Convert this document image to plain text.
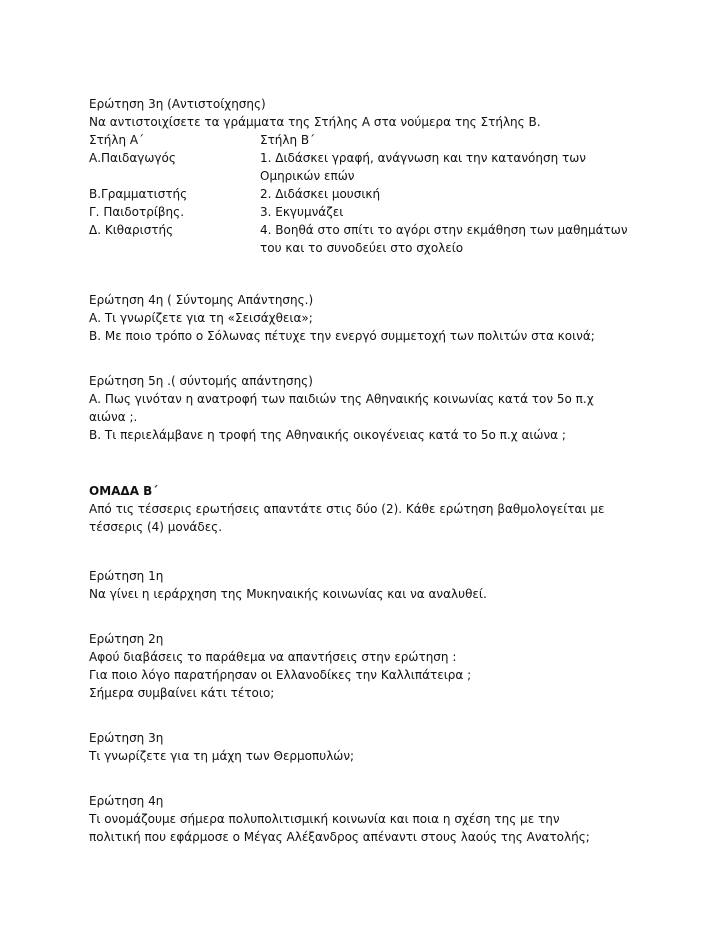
Ερώτηση 3η (Αντιστοίχησης)
Να αντιστοιχίσετε τα γράμματα της Στήλης Α στα νούμερα της Στήλης Β.
Στήλη Α΄	Στήλη Β΄
Α.Παιδαγωγός	1. Διδάσκει γραφή, ανάγνωση και την κατανόηση των
Ομηρικών επών
Β.Γραμματιστής	2. Διδάσκει μουσική
Γ. Παιδοτρίβης.	3. Εκγυμνάζει
Δ. Κιθαριστής	4. Βοηθά στο σπίτι το αγόρι στην εκμάθηση των μαθημάτων
του και το συνοδεύει στο σχολείο
Ερώτηση 4η ( Σύντομης Απάντησης.)
Α. Τι γνωρίζετε για τη «Σεισάχθεια»;
Β. Με ποιο τρόπο ο Σόλωνας πέτυχε την ενεργό συμμετοχή των πολιτών στα κοινά;
Ερώτηση 5η .( σύντομής απάντησης)
Α. Πως γινόταν η ανατροφή των παιδιών της Αθηναικής κοινωνίας κατά τον 5ο π.χ
αιώνα ;.
Β. Τι περιελάμβανε η τροφή της Αθηναικής οικογένειας κατά το 5ο π.χ αιώνα ;
ΟΜΑΔΑ Β΄
Από τις τέσσερις ερωτήσεις απαντάτε στις δύο (2). Κάθε ερώτηση βαθμολογείται με
τέσσερις (4) μονάδες.
Ερώτηση 1η
Να γίνει η ιεράρχηση της Μυκηναικής κοινωνίας και να αναλυθεί.
Ερώτηση 2η
Αφού διαβάσεις το παράθεμα να απαντήσεις στην ερώτηση :
Για ποιο λόγο παρατήρησαν οι Ελλανοδίκες την Καλλιπάτειρα ;
Σήμερα συμβαίνει κάτι τέτοιο;
Ερώτηση 3η
Τι γνωρίζετε για τη μάχη των Θερμοπυλών;
Ερώτηση 4η
Τι ονομάζουμε σήμερα πολυπολιτισμική κοινωνία και ποια η σχέση της με την
πολιτική που εφάρμοσε ο Μέγας Αλέξανδρος απέναντι στους λαούς της Ανατολής;
